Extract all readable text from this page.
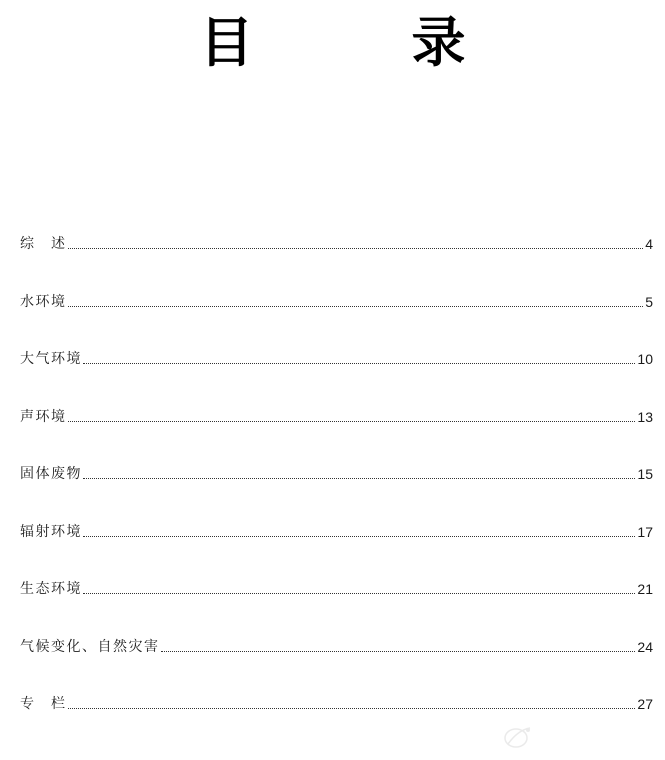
目　录
综　述	4
水环境	5
大气环境	10
声环境	13
固体废物	15
辐射环境	17
生态环境	21
气候变化、自然灾害	24
专　栏	27
